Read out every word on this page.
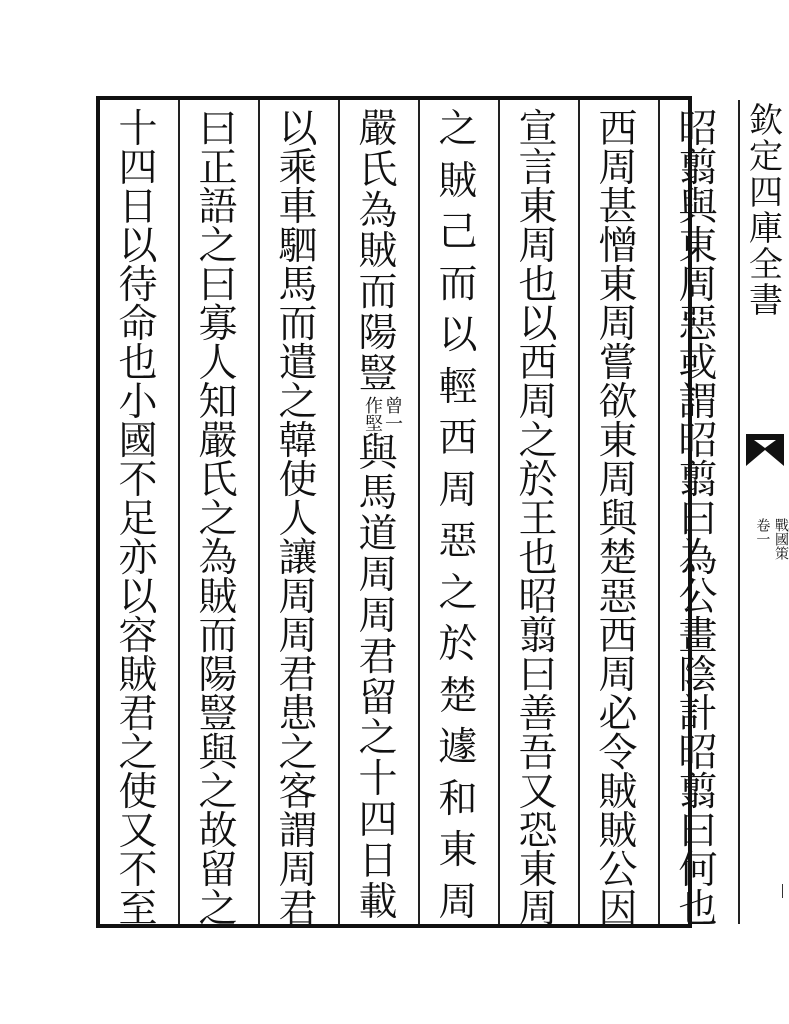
欽
定
四
庫
全
書
戰國策
卷一
昭
翦
與
東
周
惡
或
謂
昭
翦
曰
為
公
畫
陰
計
昭
翦
曰
何
也
西
周
甚
憎
東
周
嘗
欲
東
周
與
楚
惡
西
周
必
令
賊
賊
公
因
宣
言
東
周
也
以
西
周
之
於
王
也
昭
翦
曰
善
吾
又
恐
東
周
之
賊
己
而
以
輕
西
周
惡
之
於
楚
遽
和
東
周
嚴
氏
為
賊
而
陽
豎
曾一
作堅
與
馬
道
周
周
君
留
之
十
四
日
載
以
乘
車
駟
馬
而
遣
之
韓
使
人
讓
周
周
君
患
之
客
謂
周
君
曰
正
語
之
曰
寡
人
知
嚴
氏
之
為
賊
而
陽
豎
與
之
故
留
之
十
四
日
以
待
命
也
小
國
不
足
亦
以
容
賊
君
之
使
又
不
至
